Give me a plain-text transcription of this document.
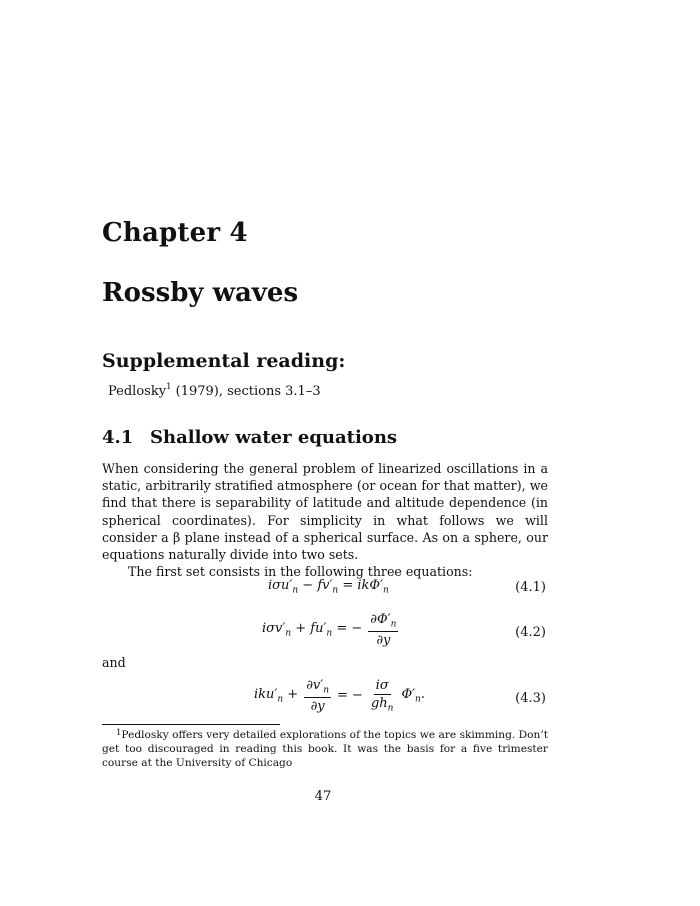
Chapter 4
Rossby waves
Supplemental reading:
Pedlosky$^1$ (1979), sections 3.1–3
4.1 Shallow water equations

When considering the general problem of linearized oscillations in a static, arbitrarily stratified atmosphere (or ocean for that matter), we find that there is separability of latitude and altitude dependence (in spherical coordinates). For simplicity in what follows we will consider a β plane instead of a spherical surface. As on a sphere, our equations naturally divide into two sets.

The first set consists in the following three equations:

$i\sigma u'_n - fv'_n = ik\Phi'_n$	(4.1)
$i\sigma v'_n + fu'_n$ = − $\frac{\partial\Phi'_n}{\partial y}$	(4.2)
and
$iku'_n + \frac{\partial v'_n}{\partial y}$ = − $\frac{i\sigma}{gh_n} \Phi'_n$.	(4.3)
$^1$Pedlosky offers very detailed explorations of the topics we are skimming. Don’t get too discouraged in reading this book. It was the basis for a five trimester course at the University of Chicago
47
